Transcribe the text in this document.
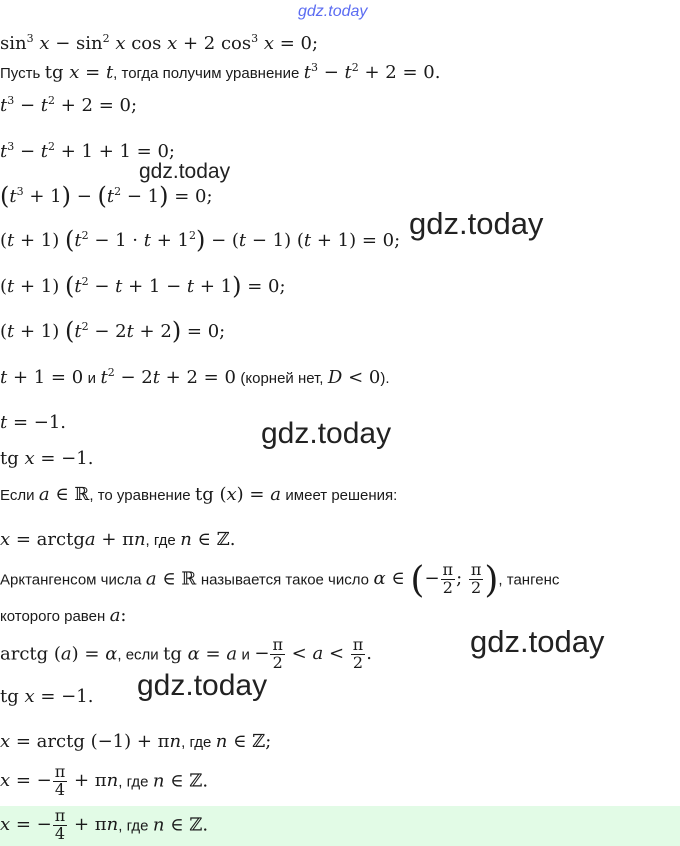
gdz.today
$\sin^3 x - \sin^2 x$ cos x + 2 $\cos^3 x = 0$;
Пусть tg x = t, тогда получим уравнение $t^3 - t^2 + 2 = 0$.
$t^3 - t^2 + 2 = 0$;
$t^3 - t^2 + 1 + 1 = 0$;
gdz.today
$(t^3 + 1) - (t^2 - 1) = 0$;
gdz.today
(t + 1) $(t^2 - 1 \cdot t + 1^2) - (t - 1) (t + 1) = 0$;
(t + 1) $(t^2 - t + 1 - t + 1) = 0$;
(t + 1) $(t^2 - 2t + 2) = 0$;
t + 1 = 0 и $t^2 - 2t + 2 = 0$ (корней нет, D < 0).
t = −1.	gdz.today
tg x = −1.
Если a ∈ ℝ, то уравнение tg (x) = a имеет решения:
x = arctga + πn, где n ∈ ℤ.
Арктангенсом числа a ∈ ℝ называется такое число α ∈ (− $\frac{\pi}{2}$ ; $\frac{\pi}{2}$ ), тангенс
которого равен a:
gdz.today
arctg (a) = α, если tg α = a $и - \frac{\pi}{2} < a < \frac{\pi}{2}$ .
gdz.today
tg x = −1.
x = arctg (−1) + πn, где n ∈ ℤ;
x = − $\frac{\pi}{4} + \pi n$, где n ∈ ℤ.
x = − $\frac{\pi}{4} + \pi n$, где n ∈ ℤ.
